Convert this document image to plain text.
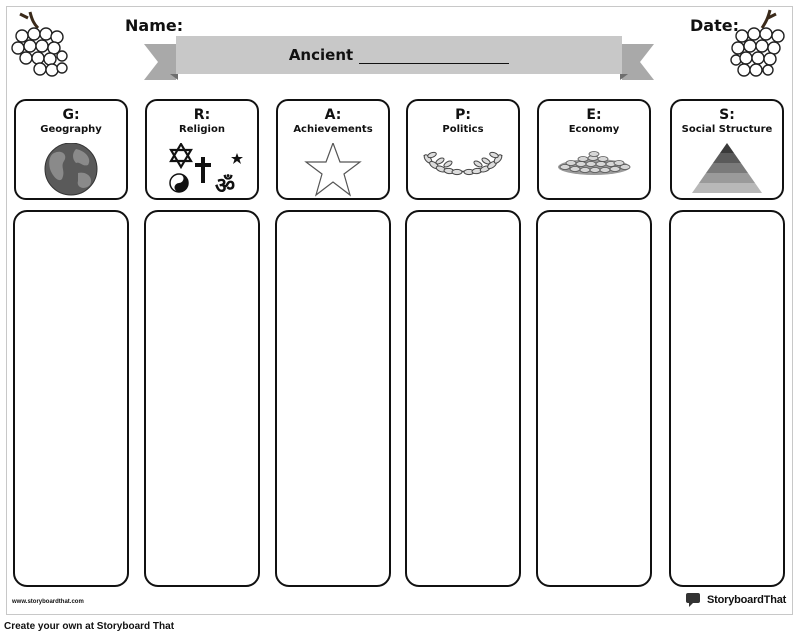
Name:	Date:
Ancient
G:
Geography
R:
Religion
ॐ
A:
Achievements
P:
Politics
E:
Economy
S:
Social Structure
www.storyboardthat.com	StoryboardThat
Create your own at Storyboard That
